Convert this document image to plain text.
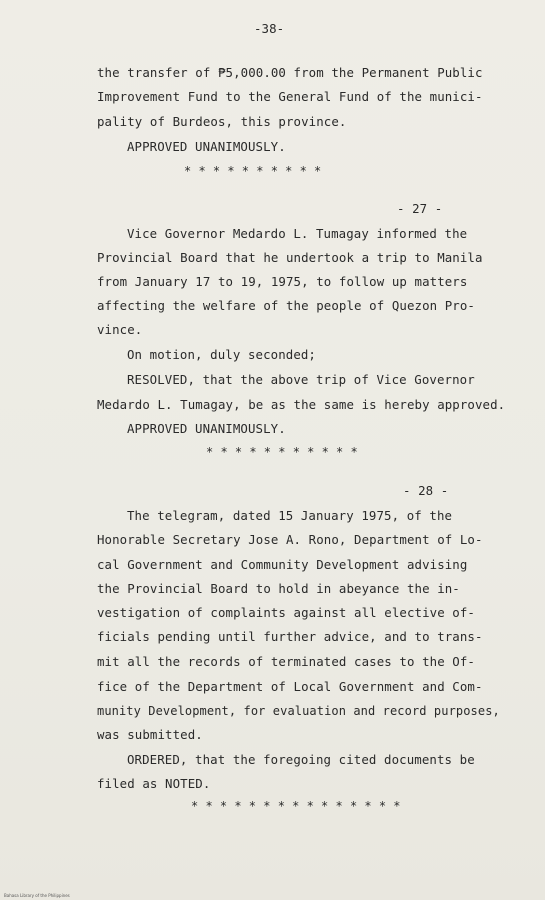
-38-
the transfer of ₱5,000.00 from the Permanent Public
Improvement Fund to the General Fund of the munici-
pality of Burdeos, this province.
APPROVED UNANIMOUSLY.
* * * * * * * * * *
- 27 -
Vice Governor Medardo L. Tumagay informed the
Provincial Board that he undertook a trip to Manila
from January 17 to 19, 1975, to follow up matters
affecting the welfare of the people of Quezon Pro-
vince.
On motion, duly seconded;
RESOLVED, that the above trip of Vice Governor
Medardo L. Tumagay, be as the same is hereby approved.
APPROVED UNANIMOUSLY.
* * * * * * * * * * *
- 28 -
The telegram, dated 15 January 1975, of the
Honorable Secretary Jose A. Rono, Department of Lo-
cal Government and Community Development advising
the Provincial Board to hold in abeyance the in-
vestigation of complaints against all elective of-
ficials pending until further advice, and to trans-
mit all the records of terminated cases to the Of-
fice of the Department of Local Government and Com-
munity Development, for evaluation and record purposes,
was submitted.
ORDERED, that the foregoing cited documents be
filed as NOTED.
* * * * * * * * * * * * * * *
Bahasa Library of the Philippines
